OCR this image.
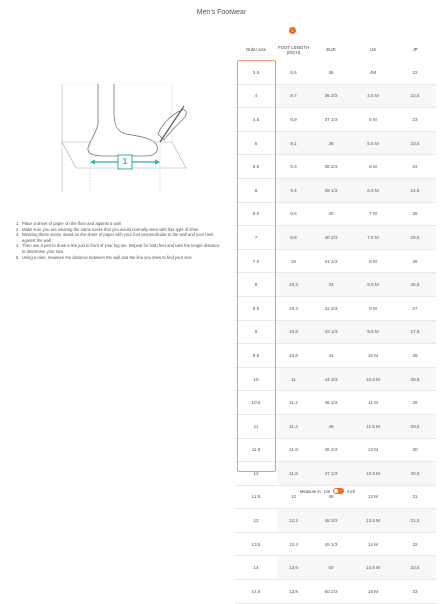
Men's Footwear
1
1. Place a sheet of paper on the floor and against a wall
2. Make sure you are wearing the same socks that you would normally wear with this type of shoe
3. Wearing these socks, stand on the sheet of paper with your foot perpendicular to the wall and your heel against the wall
4. Then use a pen to draw a line just in front of your big toe. Repeat for both feet and take the longer distance to determine your size
5. Using a ruler, measure the distance between the wall and the line you drew to find your size
1
Order size	FOOT LENGTH (INCH)	EUR	US	JP
3.5	8,5	36	4M	22
4	8,7	36 2/3	4.5 M	22,5
4.5	8,9	37 1/3	5 M	23
5	9,1	38	5.5 M	23,5
5.5	9,3	38 2/3	6 M	24
6	9,4	39 1/3	6.5 M	24,5
6.5	9,6	40	7 M	25
7	9,8	40 2/3	7.5 M	25,5
7.5	10	41 1/3	8 M	26
8	10,2	42	8.5 M	26,5
8.5	10,4	42 2/3	9 M	27
9	10,6	43 1/3	9.5 M	27,5
9.5	10,8	44	10 M	28
10	11	44 2/3	10.5 M	28,5
10.5	11,2	45 1/3	11 M	29
11	11,4	46	11.5 M	29,5
11.5	11,6	46 2/3	12 M	30
12	11,8	47 1/3	12.5 M	30,5
12.5	12	48	13 M	31
13	12,2	48 2/3	13.5 M	31,5
13.5	12,4	49 1/3	14 M	32
14	12,6	50	14.5 M	32,5
14.5	12,8	50 2/3	15 M	33
Measure in Cm	Inch
